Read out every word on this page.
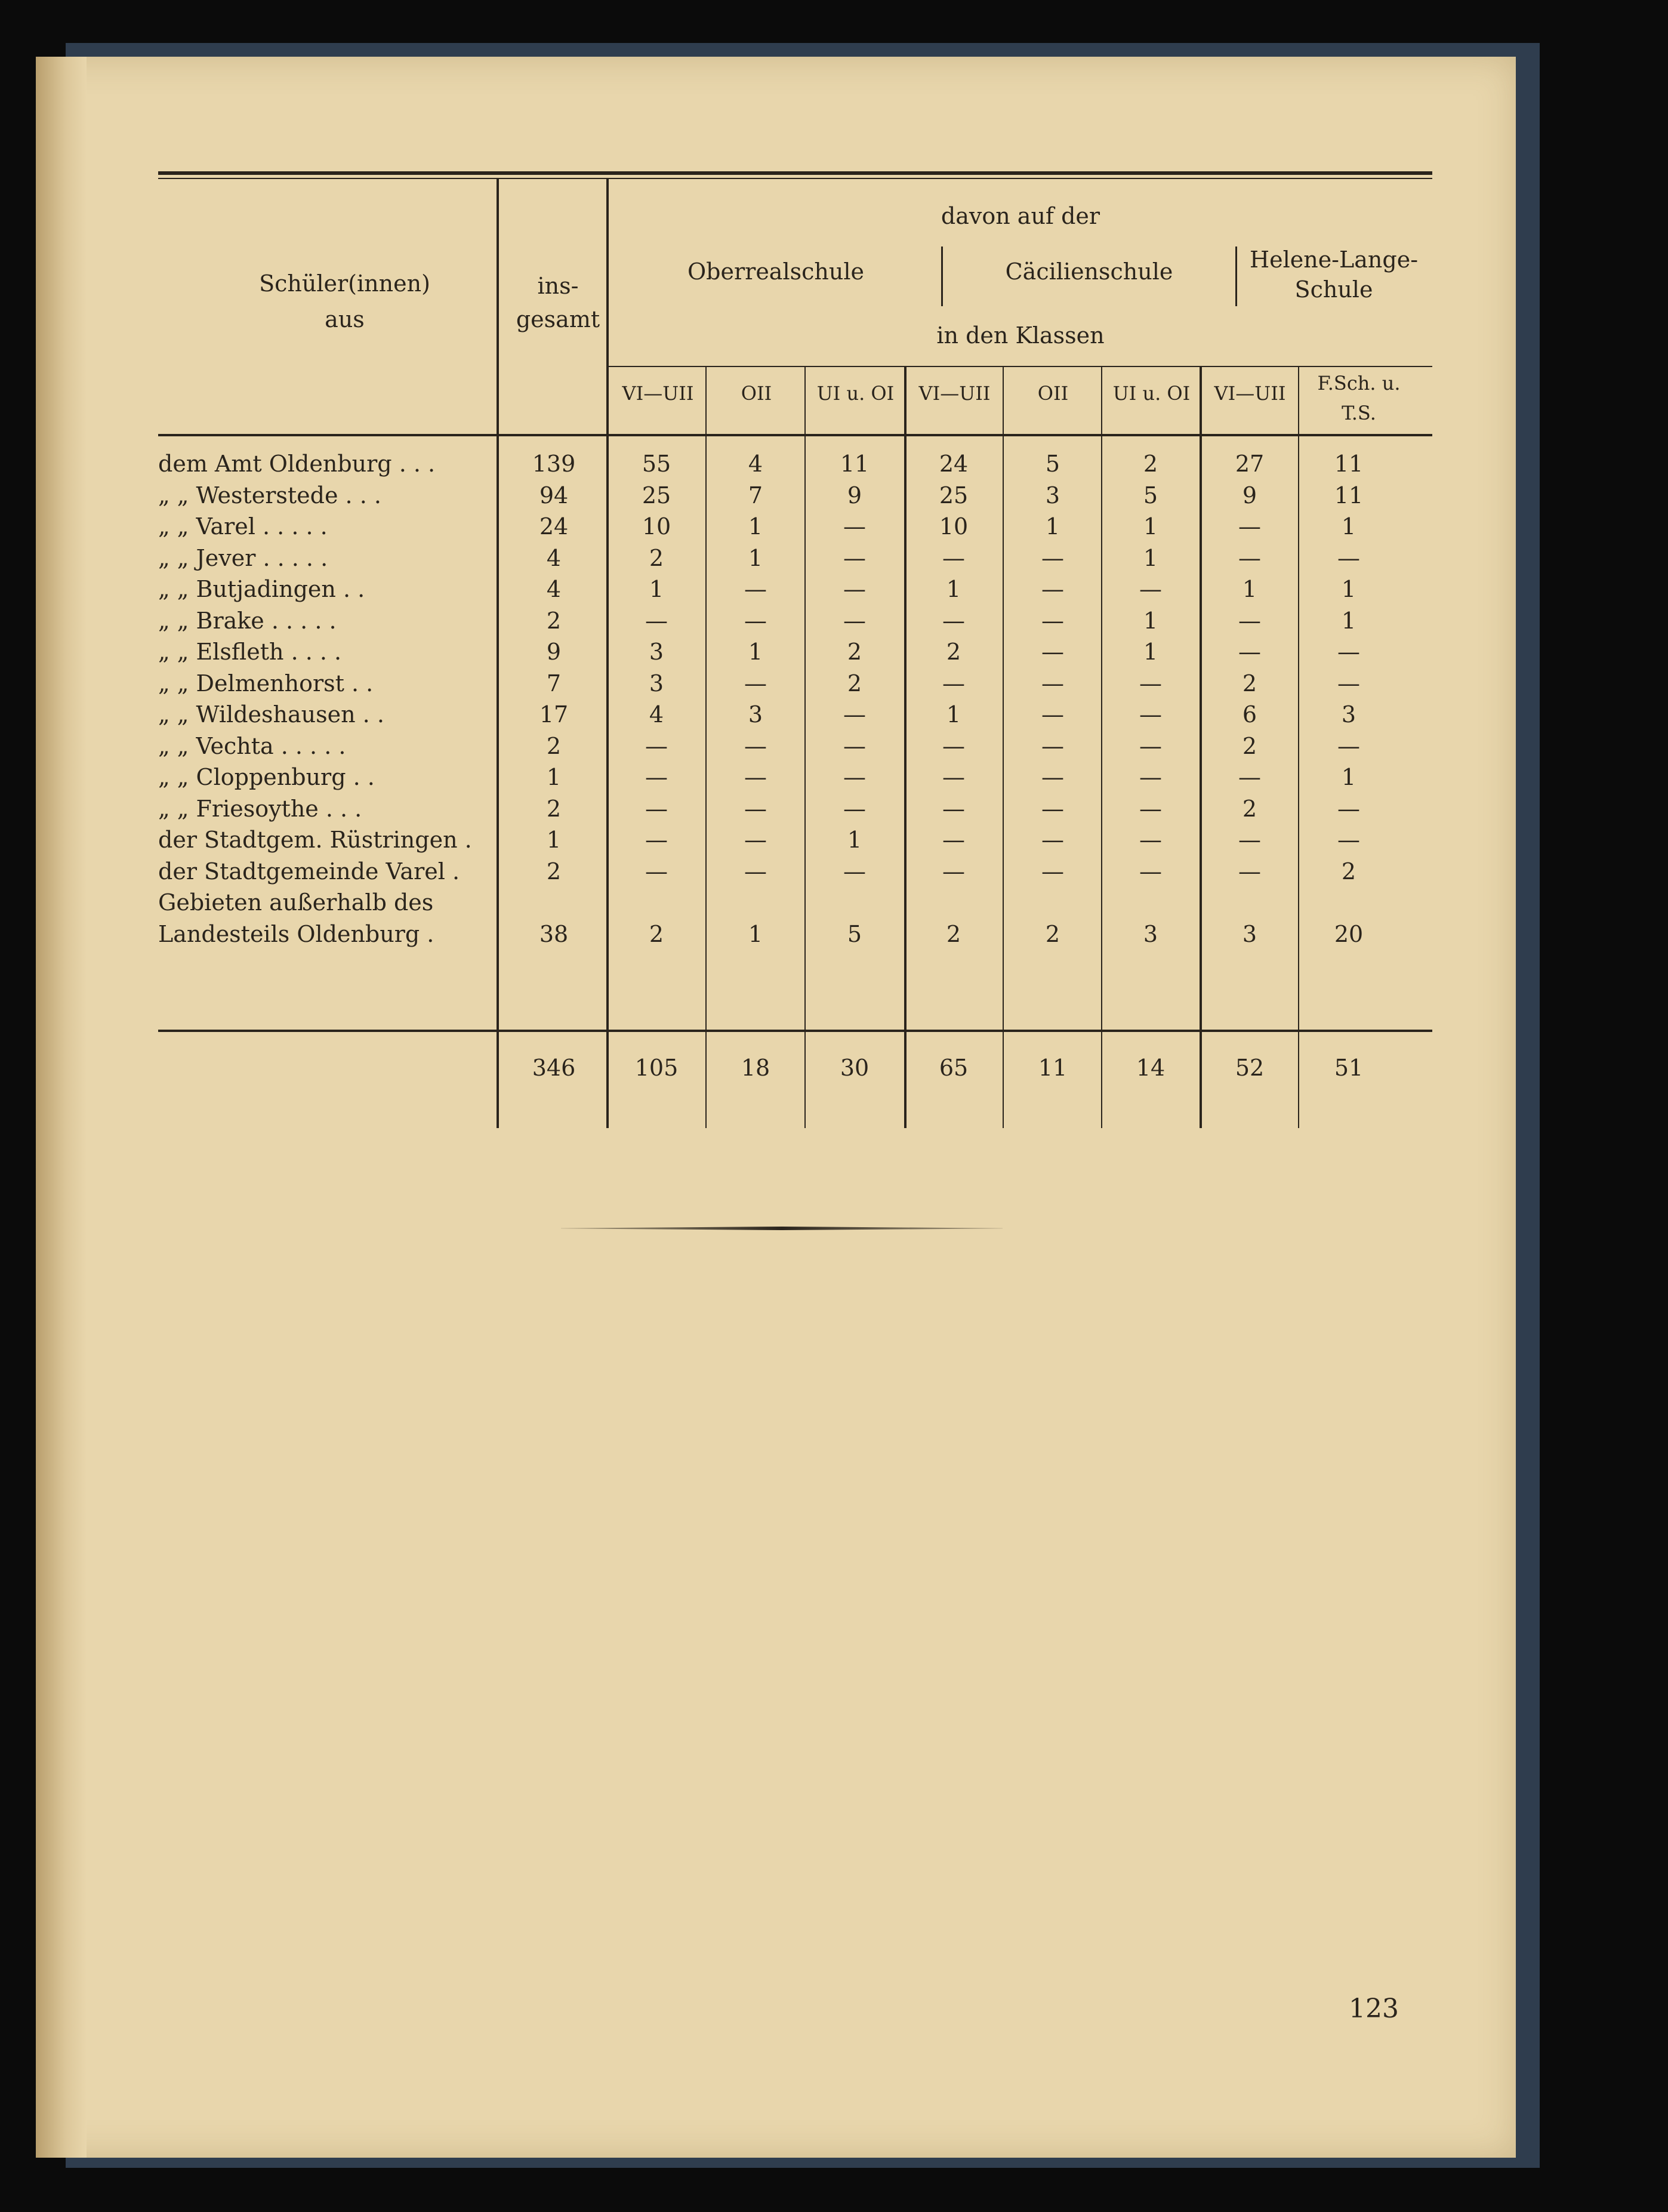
Schüler(innen)
aus
ins-
gesamt
davon auf der
Oberrealschule	Cäcilienschule	Helene-Lange-
Schule
in den Klassen
VI—UII	OII	UI u. OI	VI—UII	OII	UI u. OI	VI—UII	F.Sch. u.
T.S.
dem Amt Oldenburg . . .	139	55	4	11	24	5	2	27	11
„ „ Westerstede . . .	94	25	7	9	25	3	5	9	11
„ „ Varel . . . . .	24	10	1	—	10	1	1	—	1
„ „ Jever . . . . .	4	2	1	—	—	—	1	—	—
„ „ Butjadingen . .	4	1	—	—	1	—	—	1	1
„ „ Brake . . . . .	2	—	—	—	—	—	1	—	1
„ „ Elsfleth . . . .	9	3	1	2	2	—	1	—	—
„ „ Delmenhorst . .	7	3	—	2	—	—	—	2	—
„ „ Wildeshausen . .	17	4	3	—	1	—	—	6	3
„ „ Vechta . . . . .	2	—	—	—	—	—	—	2	—
„ „ Cloppenburg . .	1	—	—	—	—	—	—	—	1
„ „ Friesoythe . . .	2	—	—	—	—	—	—	2	—
der Stadtgem. Rüstringen .	1	—	—	1	—	—	—	—	—
der Stadtgemeinde Varel .	2	—	—	—	—	—	—	—	2
Gebieten außerhalb des
Landesteils Oldenburg .	38	2	1	5	2	2	3	3	20
346	105	18	30	65	11	14	52	51
123
